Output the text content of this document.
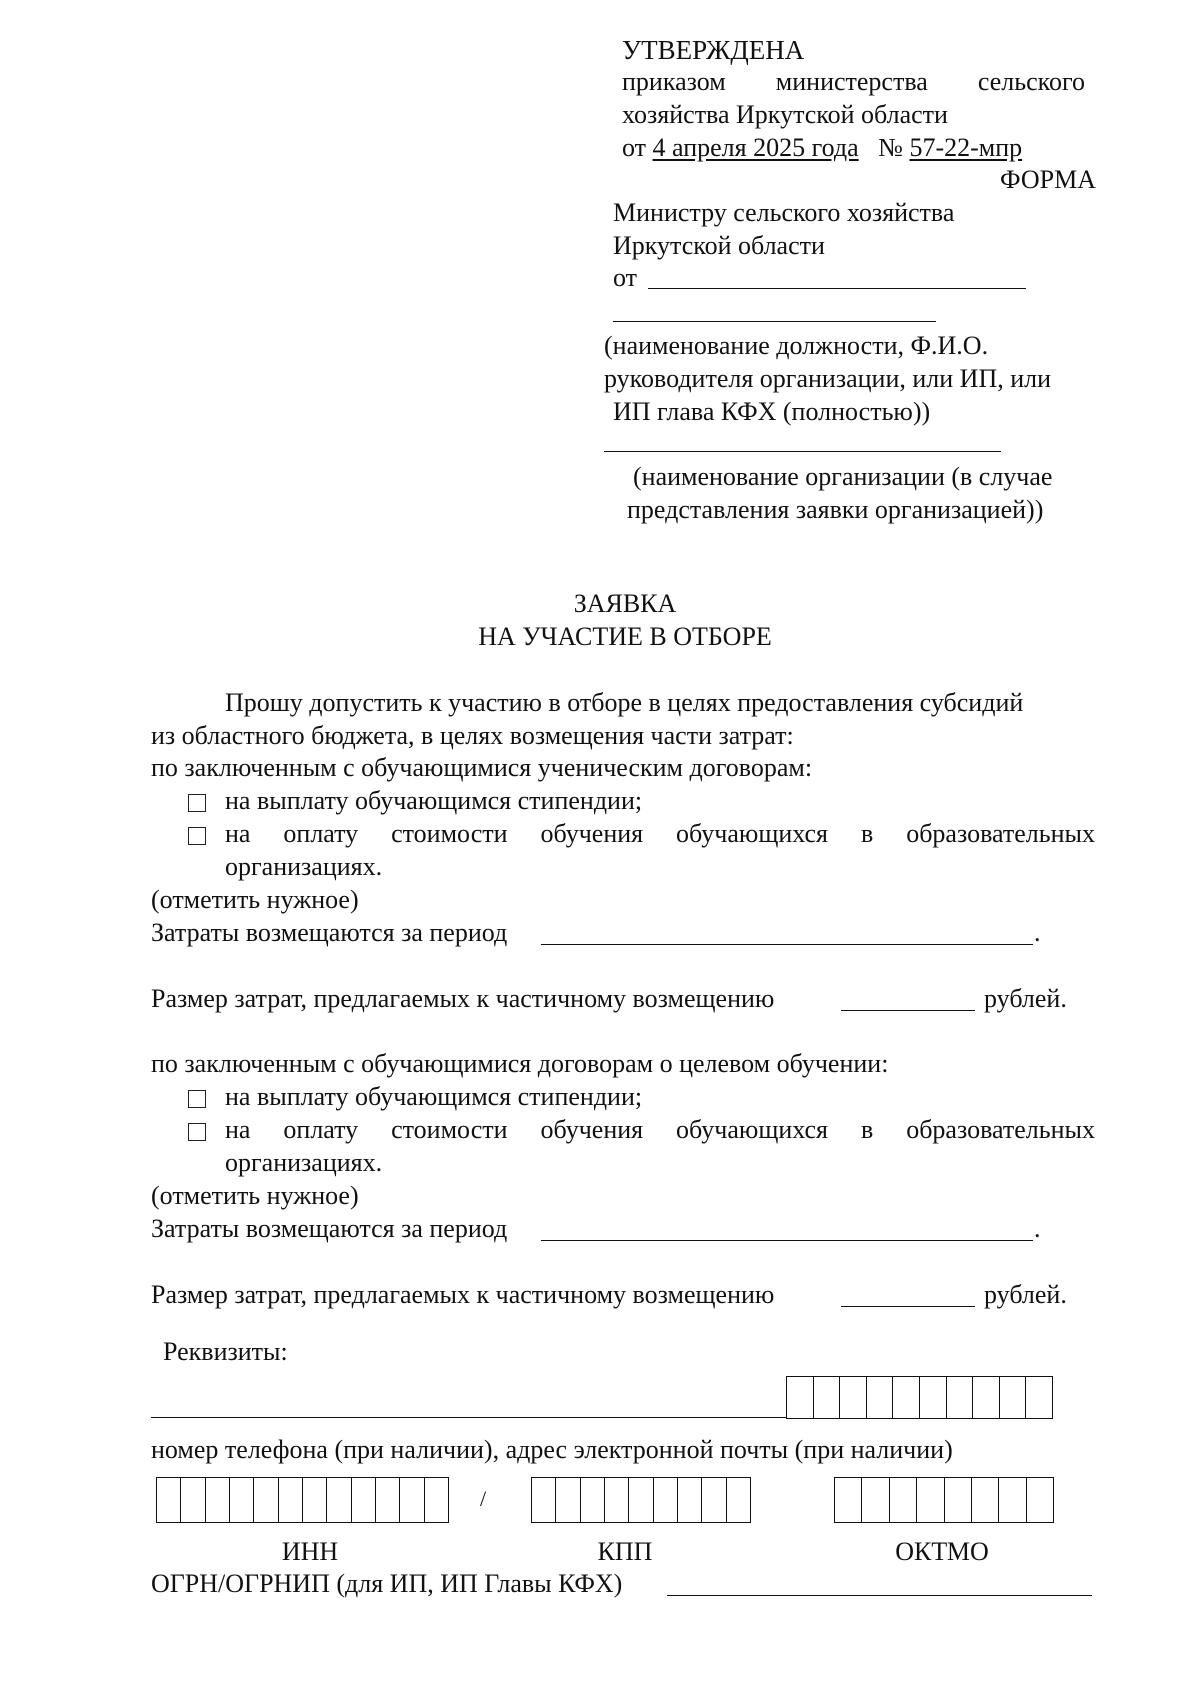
УТВЕРЖДЕНА
приказом министерства сельского
хозяйства Иркутской области
от 4 апреля 2025 года № 57-22-мпр
ФОРМА
Министру сельского хозяйства
Иркутской области
от
(наименование должности, Ф.И.О.
руководителя организации, или ИП, или
ИП глава КФХ (полностью))
(наименование организации (в случае
представления заявки организацией))
ЗАЯВКА
НА УЧАСТИЕ В ОТБОРЕ
Прошу допустить к участию в отборе в целях предоставления субсидий
из областного бюджета, в целях возмещения части затрат:
по заключенным с обучающимися ученическим договорам:
на выплату обучающимся стипендии;
на оплату стоимости обучения обучающихся в образовательных
организациях.
(отметить нужное)
Затраты возмещаются за период	.
Размер затрат, предлагаемых к частичному возмещению	рублей.
по заключенным с обучающимися договорам о целевом обучении:
на выплату обучающимся стипендии;
на оплату стоимости обучения обучающихся в образовательных
организациях.
(отметить нужное)
Затраты возмещаются за период	.
Размер затрат, предлагаемых к частичному возмещению	рублей.
Реквизиты:
номер телефона (при наличии), адрес электронной почты (при наличии)
/
ИНН	КПП	ОКТМО
ОГРН/ОГРНИП (для ИП, ИП Главы КФХ)
